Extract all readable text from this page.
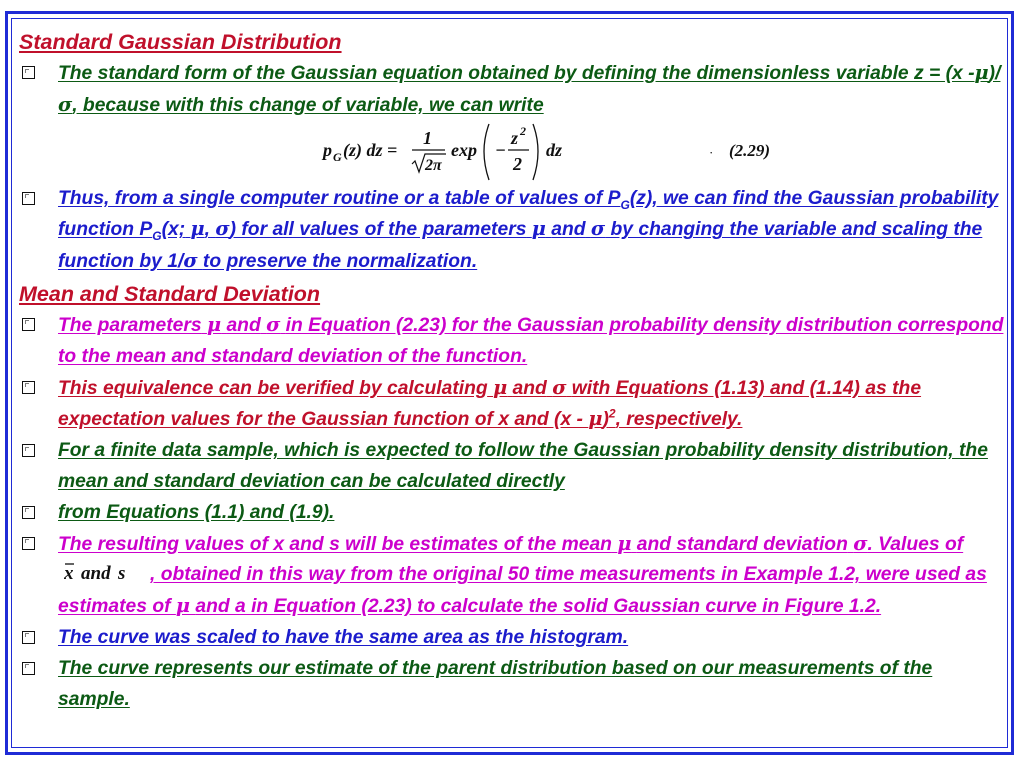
Standard Gaussian Distribution
The standard form of the Gaussian equation obtained by defining the dimensionless variable z = (x -μ)/σ, because with this change of variable, we can write
p G (z) dz =
1
2π
exp −
z 2
2
dz	· (2.29)
Thus, from a single computer routine or a table of values of $P_G(z)$, we can find the Gaussian probability function $P_G(x$; μ, σ) for all values of the parameters μ and σ by changing the variable and scaling the function by 1/σ to preserve the normalization.
Mean and Standard Deviation
The parameters μ and σ in Equation (2.23) for the Gaussian probability density distribution correspond to the mean and standard deviation of the function.
This equivalence can be verified by calculating μ and σ with Equations (1.13) and (1.14) as the expectation values for the Gaussian function of x and (x - μ)$^2$, respectively.
For a finite data sample, which is expected to follow the Gaussian probability density distribution, the mean and standard deviation can be calculated directly
from Equations (1.1) and (1.9).
The resulting values of x and s will be estimates of the mean μ and standard deviation σ. Values of
x and s , obtained in this way from the original 50 time measurements in Example 1.2, were used as estimates of μ and a in Equation (2.23) to calculate the solid Gaussian curve in Figure 1.2.
The curve was scaled to have the same area as the histogram.
The curve represents our estimate of the parent distribution based on our measurements of the sample.
